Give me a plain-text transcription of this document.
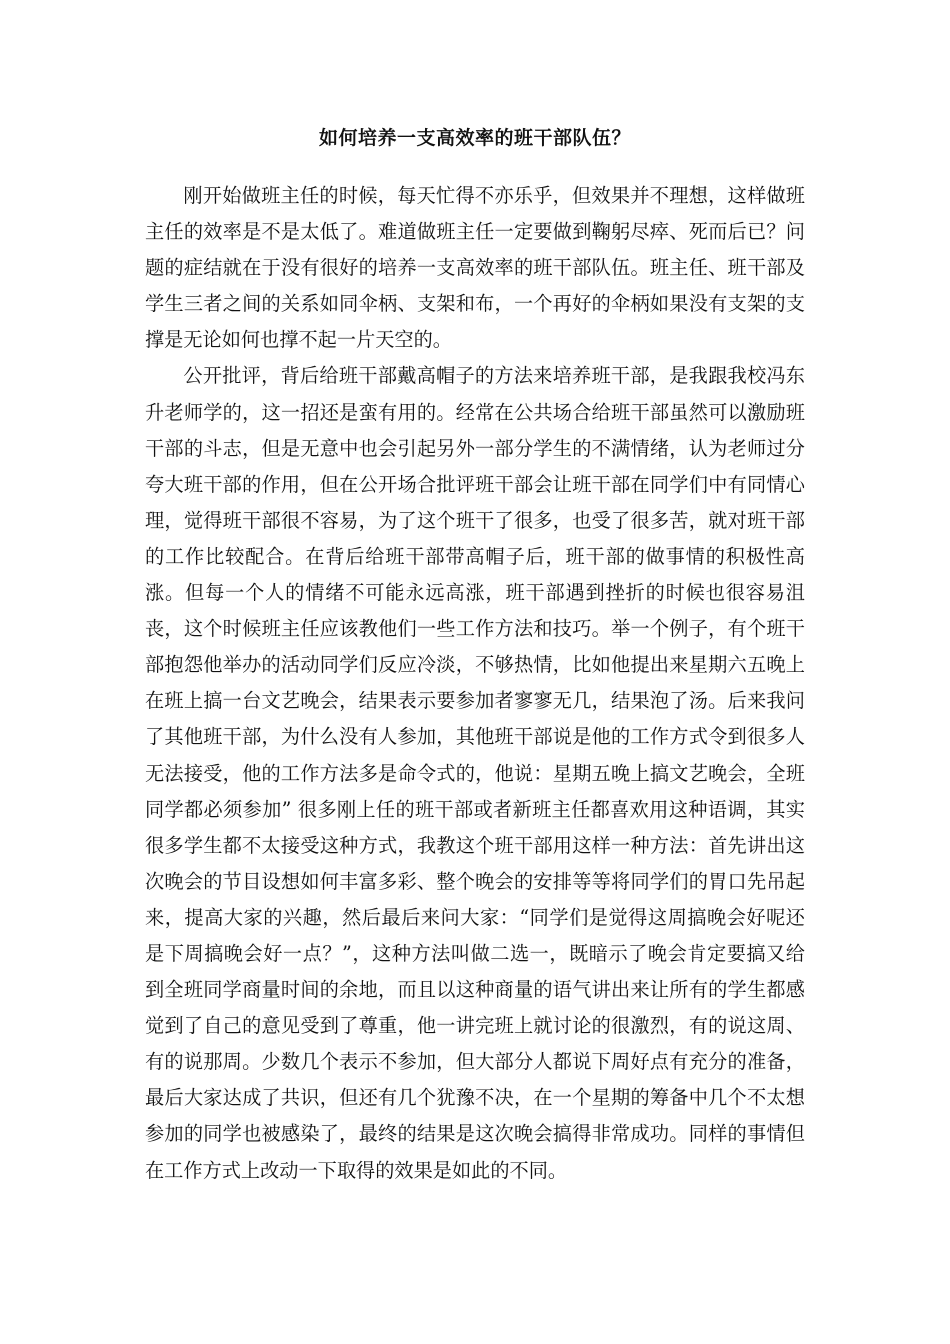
如何培养一支高效率的班干部队伍？

刚开始做班主任的时候，每天忙得不亦乐乎，但效果并不理想，这样做班主任的效率是不是太低了。难道做班主任一定要做到鞠躬尽瘁、死而后已？问题的症结就在于没有很好的培养一支高效率的班干部队伍。班主任、班干部及学生三者之间的关系如同伞柄、支架和布，一个再好的伞柄如果没有支架的支撑是无论如何也撑不起一片天空的。

公开批评，背后给班干部戴高帽子的方法来培养班干部，是我跟我校冯东升老师学的，这一招还是蛮有用的。经常在公共场合给班干部虽然可以激励班干部的斗志，但是无意中也会引起另外一部分学生的不满情绪，认为老师过分夸大班干部的作用，但在公开场合批评班干部会让班干部在同学们中有同情心理，觉得班干部很不容易，为了这个班干了很多，也受了很多苦，就对班干部的工作比较配合。在背后给班干部带高帽子后，班干部的做事情的积极性高涨。但每一个人的情绪不可能永远高涨，班干部遇到挫折的时候也很容易沮丧，这个时候班主任应该教他们一些工作方法和技巧。举一个例子，有个班干部抱怨他举办的活动同学们反应冷淡，不够热情，比如他提出来星期六五晚上在班上搞一台文艺晚会，结果表示要参加者寥寥无几，结果泡了汤。后来我问了其他班干部，为什么没有人参加，其他班干部说是他的工作方式令到很多人无法接受，他的工作方法多是命令式的，他说：星期五晚上搞文艺晚会，全班同学都必须参加” 很多刚上任的班干部或者新班主任都喜欢用这种语调，其实很多学生都不太接受这种方式，我教这个班干部用这样一种方法：首先讲出这次晚会的节目设想如何丰富多彩、整个晚会的安排等等将同学们的胃口先吊起来，提高大家的兴趣，然后最后来问大家：“同学们是觉得这周搞晚会好呢还是下周搞晚会好一点？”，这种方法叫做二选一，既暗示了晚会肯定要搞又给到全班同学商量时间的余地，而且以这种商量的语气讲出来让所有的学生都感觉到了自己的意见受到了尊重，他一讲完班上就讨论的很激烈，有的说这周、有的说那周。少数几个表示不参加，但大部分人都说下周好点有充分的准备，最后大家达成了共识，但还有几个犹豫不决，在一个星期的筹备中几个不太想参加的同学也被感染了，最终的结果是这次晚会搞得非常成功。同样的事情但在工作方式上改动一下取得的效果是如此的不同。
